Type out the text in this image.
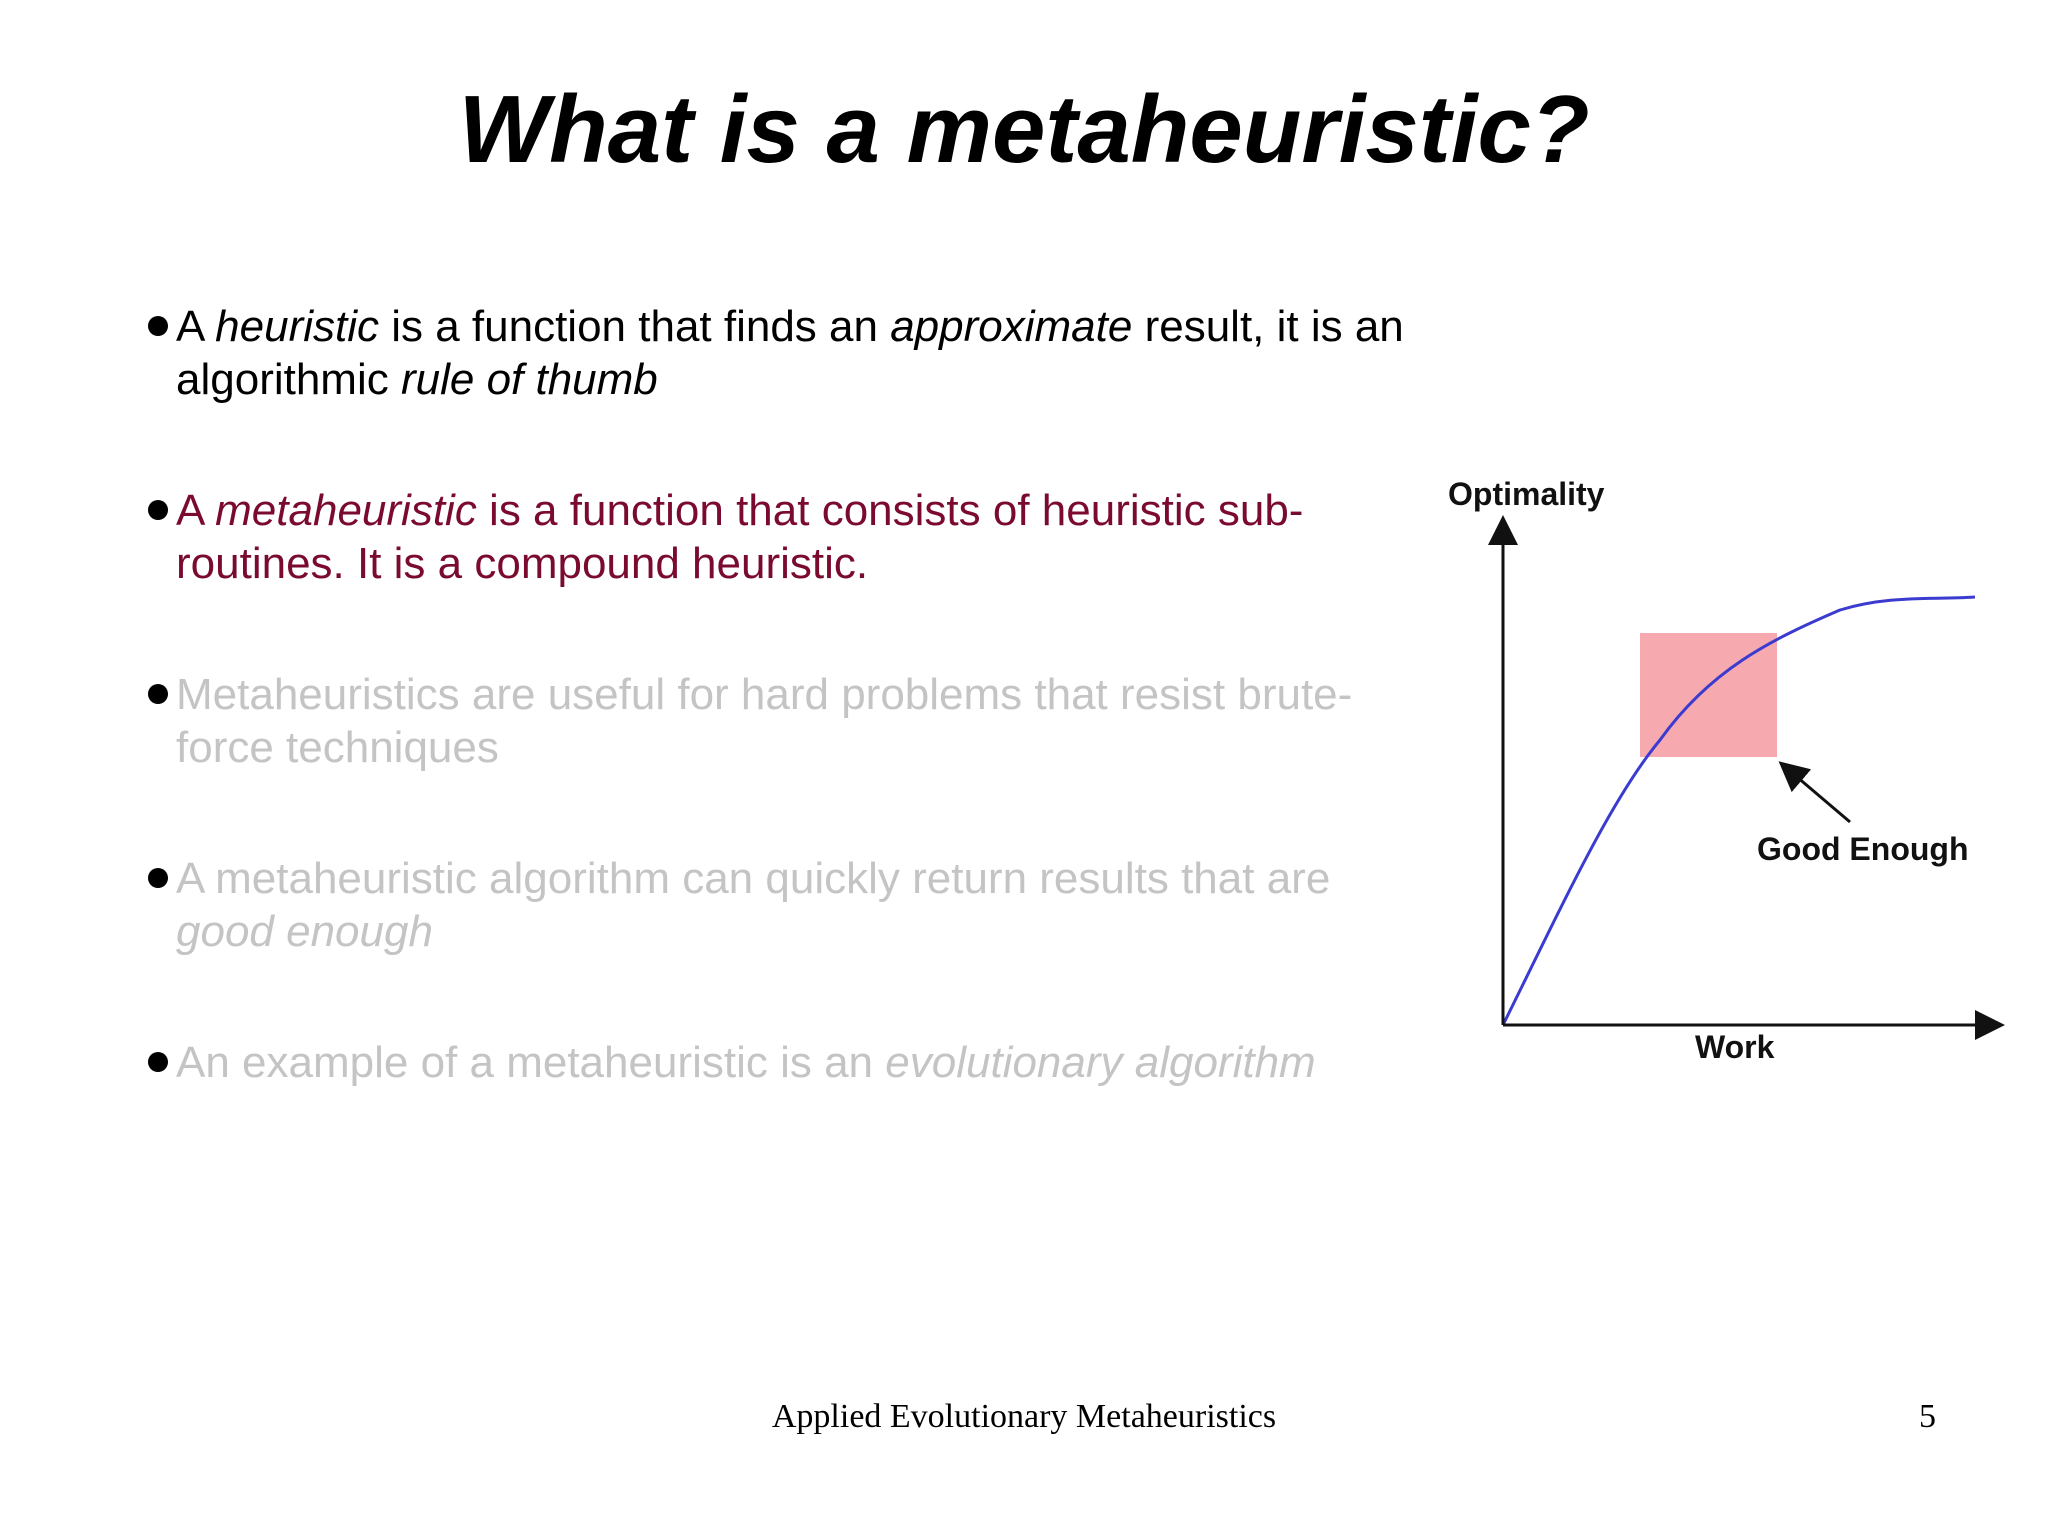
What is a metaheuristic?
A heuristic is a function that finds an approximate result, it is an algorithmic rule of thumb
A metaheuristic is a function that consists of heuristic sub-routines. It is a compound heuristic.
Metaheuristics are useful for hard problems that resist brute-force techniques
A metaheuristic algorithm can quickly return results that are good enough
An example of a metaheuristic is an evolutionary algorithm
Optimality
Work
Good Enough
Applied Evolutionary Metaheuristics	5
